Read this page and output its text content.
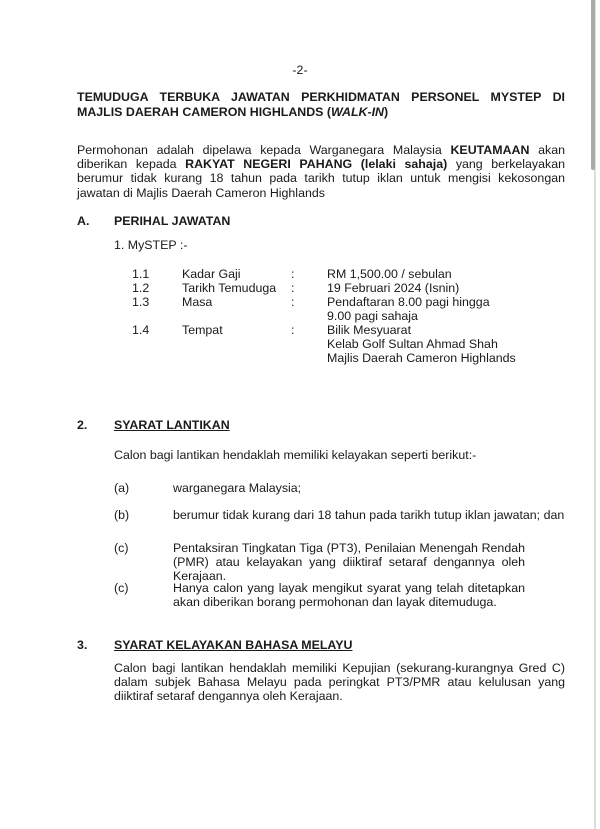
-2-
TEMUDUGA TERBUKA JAWATAN PERKHIDMATAN PERSONEL MYSTEP DI
MAJLIS DAERAH CAMERON HIGHLANDS (WALK-IN)
Permohonan adalah dipelawa kepada Warganegara Malaysia KEUTAMAAN akan diberikan kepada RAKYAT NEGERI PAHANG (lelaki sahaja) yang berkelayakan berumur tidak kurang 18 tahun pada tarikh tutup iklan untuk mengisi kekosongan jawatan di Majlis Daerah Cameron Highlands
A. PERIHAL JAWATAN
1. MySTEP :-
1.1	Kadar Gaji	:	RM 1,500.00 / sebulan
1.2	Tarikh Temuduga :	19 Februari 2024 (Isnin)
1.3	Masa	:	Pendaftaran 8.00 pagi hingga
9.00 pagi sahaja
1.4	Tempat	:	Bilik Mesyuarat
Kelab Golf Sultan Ahmad Shah
Majlis Daerah Cameron Highlands
2. SYARAT LANTIKAN
Calon bagi lantikan hendaklah memiliki kelayakan seperti berikut:-
(a)	warganegara Malaysia;
(b)	berumur tidak kurang dari 18 tahun pada tarikh tutup iklan jawatan; dan
(c)	Pentaksiran Tingkatan Tiga (PT3), Penilaian Menengah Rendah (PMR) atau kelayakan yang diiktiraf setaraf dengannya oleh Kerajaan.
(c)	Hanya calon yang layak mengikut syarat yang telah ditetapkan akan diberikan borang permohonan dan layak ditemuduga.
3. SYARAT KELAYAKAN BAHASA MELAYU
Calon bagi lantikan hendaklah memiliki Kepujian (sekurang-kurangnya Gred C) dalam subjek Bahasa Melayu pada peringkat PT3/PMR atau kelulusan yang diiktiraf setaraf dengannya oleh Kerajaan.
